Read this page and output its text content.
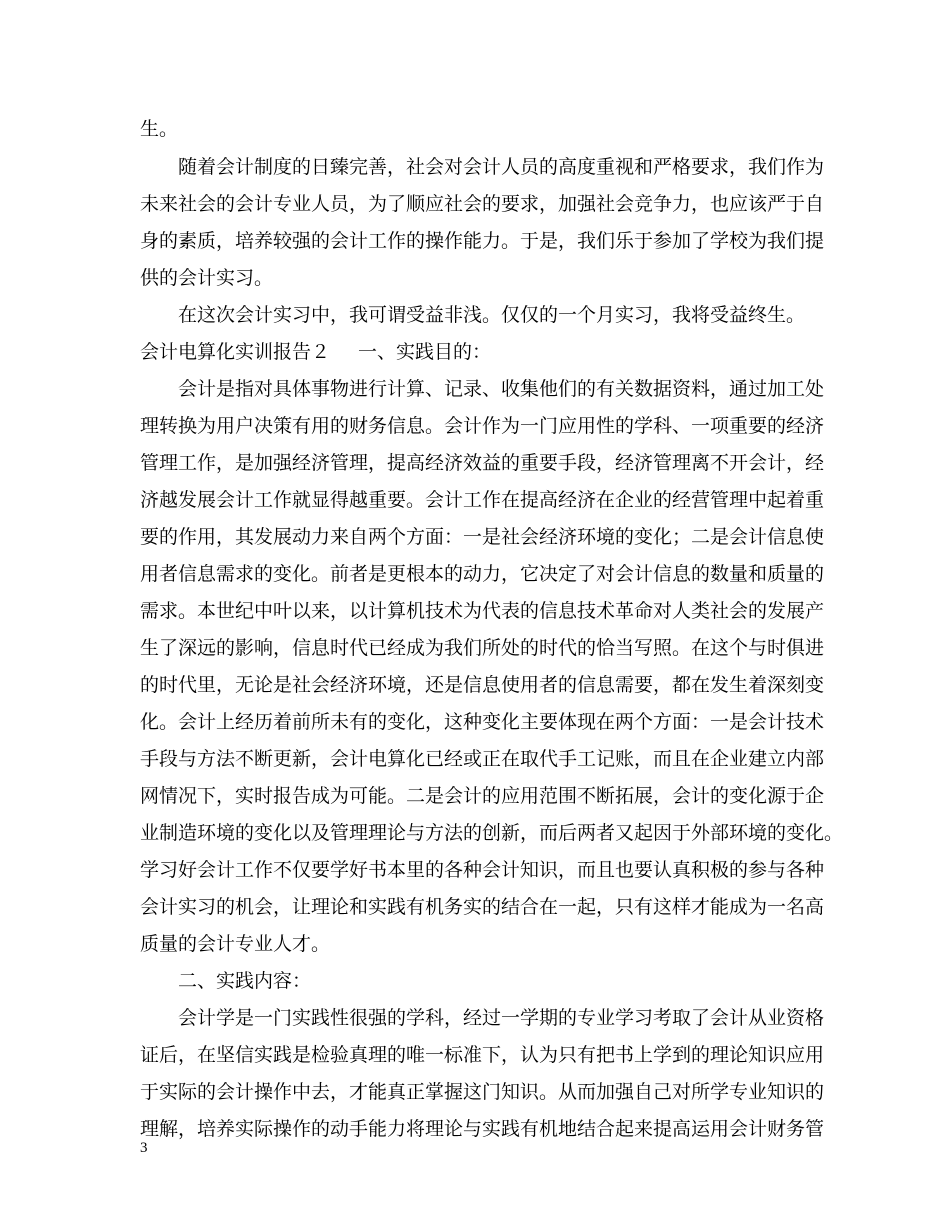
生。
随着会计制度的日臻完善，社会对会计人员的高度重视和严格要求，我们作为
未来社会的会计专业人员，为了顺应社会的要求，加强社会竞争力，也应该严于自
身的素质，培养较强的会计工作的操作能力。于是，我们乐于参加了学校为我们提
供的会计实习。
在这次会计实习中，我可谓受益非浅。仅仅的一个月实习，我将受益终生。
会计电算化实训报告２ 一、实践目的：
会计是指对具体事物进行计算、记录、收集他们的有关数据资料，通过加工处
理转换为用户决策有用的财务信息。会计作为一门应用性的学科、一项重要的经济
管理工作，是加强经济管理，提高经济效益的重要手段，经济管理离不开会计，经
济越发展会计工作就显得越重要。会计工作在提高经济在企业的经营管理中起着重
要的作用，其发展动力来自两个方面：一是社会经济环境的变化；二是会计信息使
用者信息需求的变化。前者是更根本的动力，它决定了对会计信息的数量和质量的
需求。本世纪中叶以来，以计算机技术为代表的信息技术革命对人类社会的发展产
生了深远的影响，信息时代已经成为我们所处的时代的恰当写照。在这个与时俱进
的时代里，无论是社会经济环境，还是信息使用者的信息需要，都在发生着深刻变
化。会计上经历着前所未有的变化，这种变化主要体现在两个方面：一是会计技术
手段与方法不断更新，会计电算化已经或正在取代手工记账，而且在企业建立内部
网情况下，实时报告成为可能。二是会计的应用范围不断拓展，会计的变化源于企
业制造环境的变化以及管理理论与方法的创新，而后两者又起因于外部环境的变化。
学习好会计工作不仅要学好书本里的各种会计知识，而且也要认真积极的参与各种
会计实习的机会，让理论和实践有机务实的结合在一起，只有这样才能成为一名高
质量的会计专业人才。
二、实践内容：
会计学是一门实践性很强的学科，经过一学期的专业学习考取了会计从业资格
证后，在坚信实践是检验真理的唯一标准下，认为只有把书上学到的理论知识应用
于实际的会计操作中去，才能真正掌握这门知识。从而加强自己对所学专业知识的
理解，培养实际操作的动手能力将理论与实践有机地结合起来提高运用会计财务管
3
